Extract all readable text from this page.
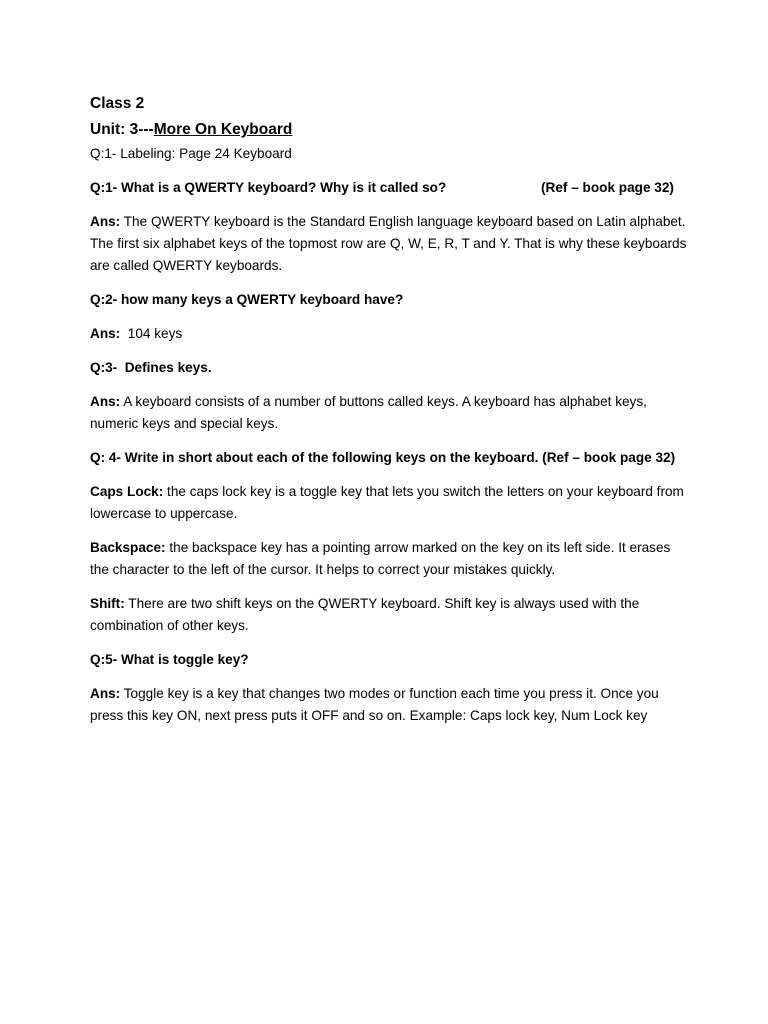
Class 2
Unit: 3---More On Keyboard
Q:1- Labeling: Page 24 Keyboard
Q:1- What is a QWERTY keyboard? Why is it called so?	(Ref – book page 32)
Ans: The QWERTY keyboard is the Standard English language keyboard based on Latin alphabet. The first six alphabet keys of the topmost row are Q, W, E, R, T and Y. That is why these keyboards are called QWERTY keyboards.
Q:2- how many keys a QWERTY keyboard have?
Ans:  104 keys
Q:3-  Defines keys.
Ans: A keyboard consists of a number of buttons called keys. A keyboard has alphabet keys, numeric keys and special keys.
Q: 4- Write in short about each of the following keys on the keyboard. (Ref – book page 32)
Caps Lock: the caps lock key is a toggle key that lets you switch the letters on your keyboard from lowercase to uppercase.
Backspace: the backspace key has a pointing arrow marked on the key on its left side. It erases the character to the left of the cursor. It helps to correct your mistakes quickly.
Shift: There are two shift keys on the QWERTY keyboard. Shift key is always used with the combination of other keys.
Q:5- What is toggle key?
Ans: Toggle key is a key that changes two modes or function each time you press it. Once you press this key ON, next press puts it OFF and so on. Example: Caps lock key, Num Lock key
